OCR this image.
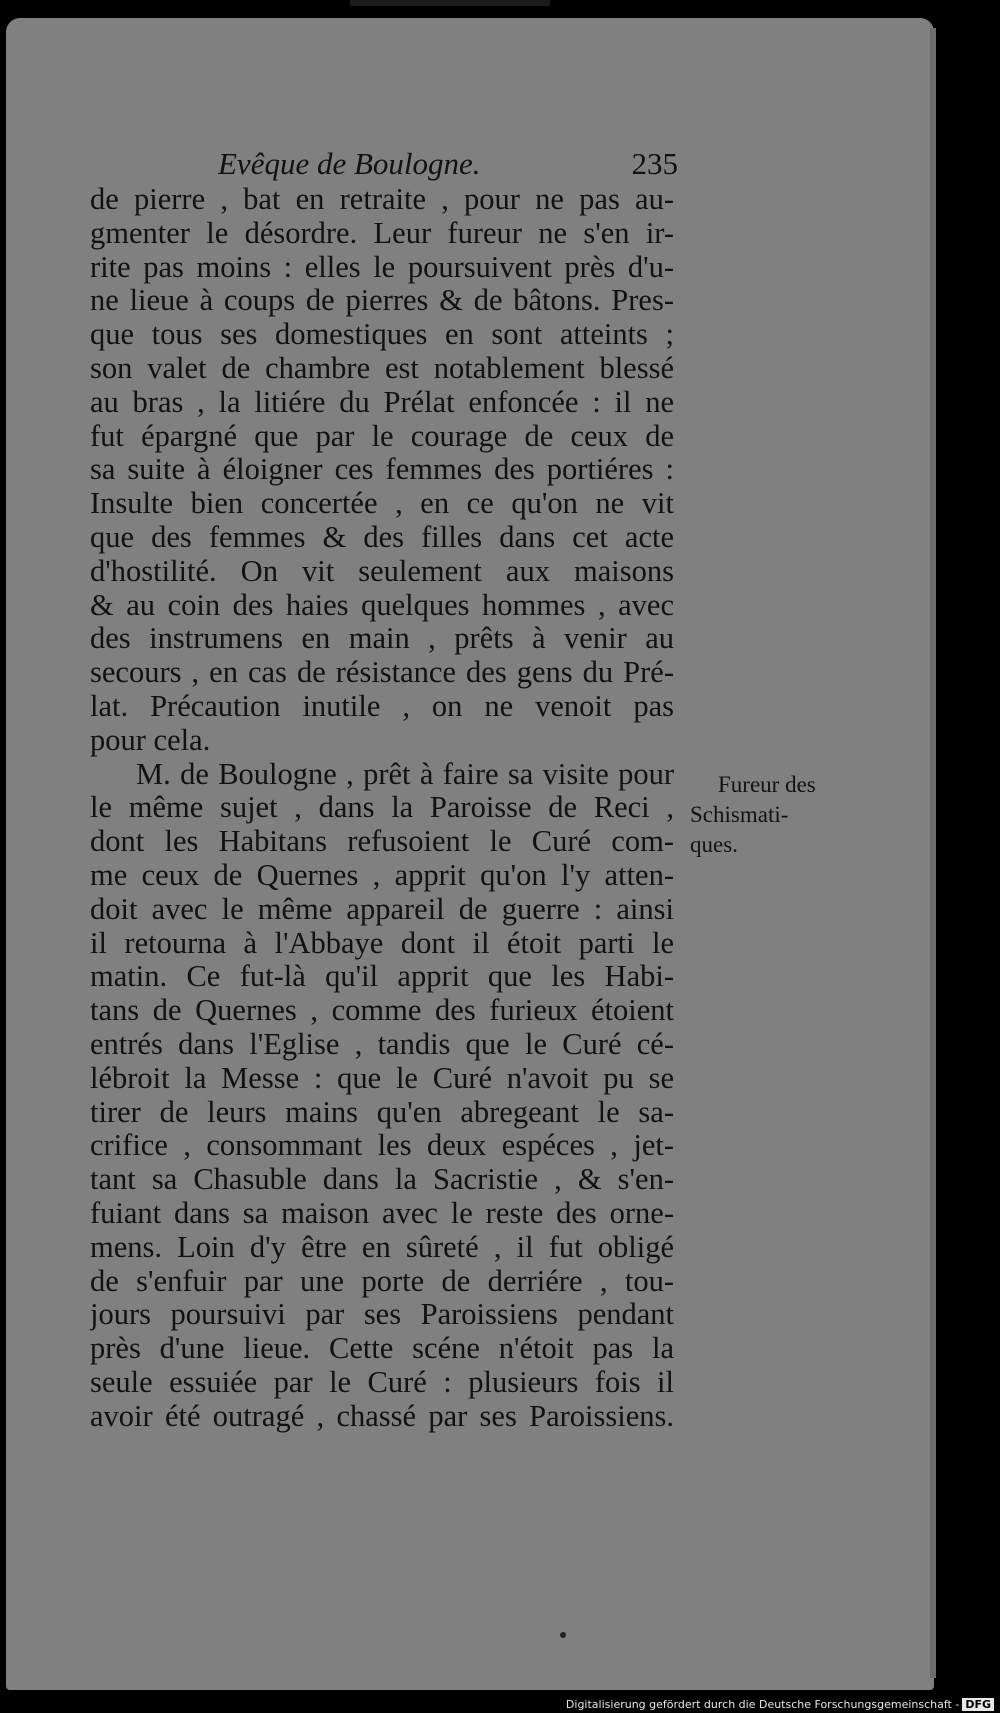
Evêque de Boulogne.	235
de pierre , bat en retraite , pour ne pas au-
gmenter le désordre. Leur fureur ne s'en ir-
rite pas moins : elles le poursuivent près d'u-
ne lieue à coups de pierres & de bâtons. Pres-
que tous ses domestiques en sont atteints ;
son valet de chambre est notablement blessé
au bras , la litiére du Prélat enfoncée : il ne
fut épargné que par le courage de ceux de
sa suite à éloigner ces femmes des portiéres :
Insulte bien concertée , en ce qu'on ne vit
que des femmes & des filles dans cet acte
d'hostilité. On vit seulement aux maisons
& au coin des haies quelques hommes , avec
des instrumens en main , prêts à venir au
secours , en cas de résistance des gens du Pré-
lat. Précaution inutile , on ne venoit pas
pour cela.
M. de Boulogne , prêt à faire sa visite pour
le même sujet , dans la Paroisse de Reci ,
dont les Habitans refusoient le Curé com-
me ceux de Quernes , apprit qu'on l'y atten-
doit avec le même appareil de guerre : ainsi
il retourna à l'Abbaye dont il étoit parti le
matin. Ce fut-là qu'il apprit que les Habi-
tans de Quernes , comme des furieux étoient
entrés dans l'Eglise , tandis que le Curé cé-
lébroit la Messe : que le Curé n'avoit pu se
tirer de leurs mains qu'en abregeant le sa-
crifice , consommant les deux espéces , jet-
tant sa Chasuble dans la Sacristie , & s'en-
fuiant dans sa maison avec le reste des orne-
mens. Loin d'y être en sûreté , il fut obligé
de s'enfuir par une porte de derriére , tou-
jours poursuivi par ses Paroissiens pendant
près d'une lieue. Cette scéne n'étoit pas la
seule essuiée par le Curé : plusieurs fois il
avoir été outragé , chassé par ses Paroissiens.
Fureur des
Schismati-
ques.
Digitalisierung gefördert durch die Deutsche Forschungsgemeinschaft - DFG
